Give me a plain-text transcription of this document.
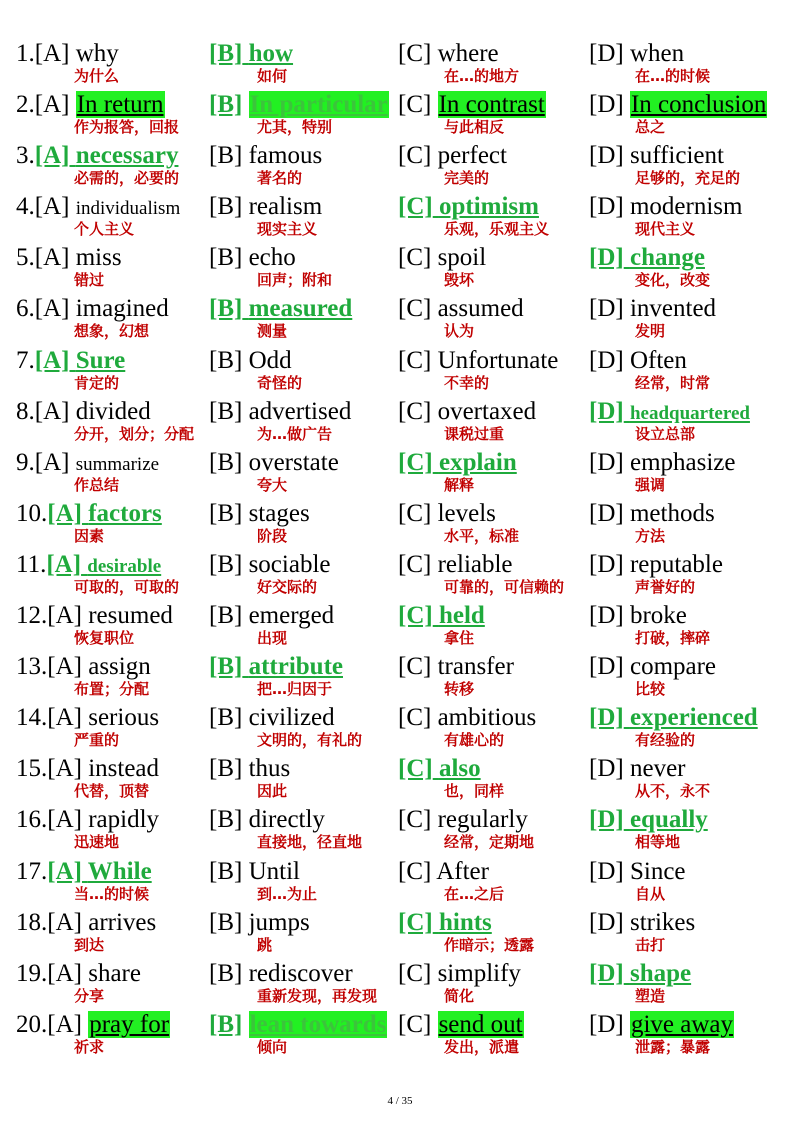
1.[A] why
为什么
[B] how
如何
[C] where
在…的地方
[D] when
在…的时候
2.[A] In return
作为报答，回报
[B] In particular
尤其，特别
[C] In contrast
与此相反
[D] In conclusion
总之
3.[A] necessary
必需的，必要的
[B] famous
著名的
[C] perfect
完美的
[D] sufficient
足够的，充足的
4.[A] individualism
个人主义
[B] realism
现实主义
[C] optimism
乐观，乐观主义
[D] modernism
现代主义
5.[A] miss
错过
[B] echo
回声；附和
[C] spoil
毁坏
[D] change
变化，改变
6.[A] imagined
想象，幻想
[B] measured
测量
[C] assumed
认为
[D] invented
发明
7.[A] Sure
肯定的
[B] Odd
奇怪的
[C] Unfortunate
不幸的
[D] Often
经常，时常
8.[A] divided
分开，划分；分配
[B] advertised
为…做广告
[C] overtaxed
课税过重
[D] headquartered
设立总部
9.[A] summarize
作总结
[B] overstate
夸大
[C] explain
解释
[D] emphasize
强调
10.[A] factors
因素
[B] stages
阶段
[C] levels
水平，标准
[D] methods
方法
11.[A] desirable
可取的，可取的
[B] sociable
好交际的
[C] reliable
可靠的，可信赖的
[D] reputable
声誉好的
12.[A] resumed
恢复职位
[B] emerged
出现
[C] held
拿住
[D] broke
打破，摔碎
13.[A] assign
布置；分配
[B] attribute
把…归因于
[C] transfer
转移
[D] compare
比较
14.[A] serious
严重的
[B] civilized
文明的，有礼的
[C] ambitious
有雄心的
[D] experienced
有经验的
15.[A] instead
代替，顶替
[B] thus
因此
[C] also
也，同样
[D] never
从不，永不
16.[A] rapidly
迅速地
[B] directly
直接地，径直地
[C] regularly
经常，定期地
[D] equally
相等地
17.[A] While
当…的时候
[B] Until
到…为止
[C] After
在…之后
[D] Since
自从
18.[A] arrives
到达
[B] jumps
跳
[C] hints
作暗示；透露
[D] strikes
击打
19.[A] share
分享
[B] rediscover
重新发现，再发现
[C] simplify
简化
[D] shape
塑造
20.[A] pray for
祈求
[B] lean towards
倾向
[C] send out
发出，派遣
[D] give away
泄露；暴露
4 / 35
